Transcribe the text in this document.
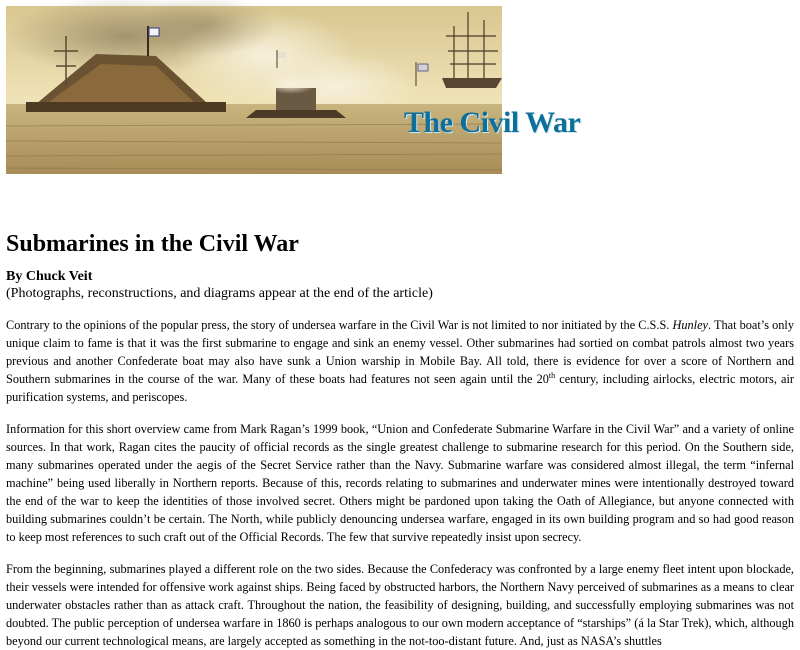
The Civil War
Submarines in the Civil War
By Chuck Veit
(Photographs, reconstructions, and diagrams appear at the end of the article)

Contrary to the opinions of the popular press, the story of undersea warfare in the Civil War is not limited to nor initiated by the C.S.S. Hunley. That boat’s only unique claim to fame is that it was the first submarine to engage and sink an enemy vessel. Other submarines had sortied on combat patrols almost two years previous and another Confederate boat may also have sunk a Union warship in Mobile Bay. All told, there is evidence for over a score of Northern and Southern submarines in the course of the war. Many of these boats had features not seen again until the 20th century, including airlocks, electric motors, air purification systems, and periscopes.

Information for this short overview came from Mark Ragan’s 1999 book, “Union and Confederate Submarine Warfare in the Civil War” and a variety of online sources. In that work, Ragan cites the paucity of official records as the single greatest challenge to submarine research for this period. On the Southern side, many submarines operated under the aegis of the Secret Service rather than the Navy. Submarine warfare was considered almost illegal, the term “infernal machine” being used liberally in Northern reports. Because of this, records relating to submarines and underwater mines were intentionally destroyed toward the end of the war to keep the identities of those involved secret. Others might be pardoned upon taking the Oath of Allegiance, but anyone connected with building submarines couldn’t be certain. The North, while publicly denouncing undersea warfare, engaged in its own building program and so had good reason to keep most references to such craft out of the Official Records. The few that survive repeatedly insist upon secrecy.

From the beginning, submarines played a different role on the two sides. Because the Confederacy was confronted by a large enemy fleet intent upon blockade, their vessels were intended for offensive work against ships. Being faced by obstructed harbors, the Northern Navy perceived of submarines as a means to clear underwater obstacles rather than as attack craft. Throughout the nation, the feasibility of designing, building, and successfully employing submarines was not doubted. The public perception of undersea warfare in 1860 is perhaps analogous to our own modern acceptance of “starships” (á la Star Trek), which, although beyond our current technological means, are largely accepted as something in the not-too-distant future. And, just as NASA’s shuttles
